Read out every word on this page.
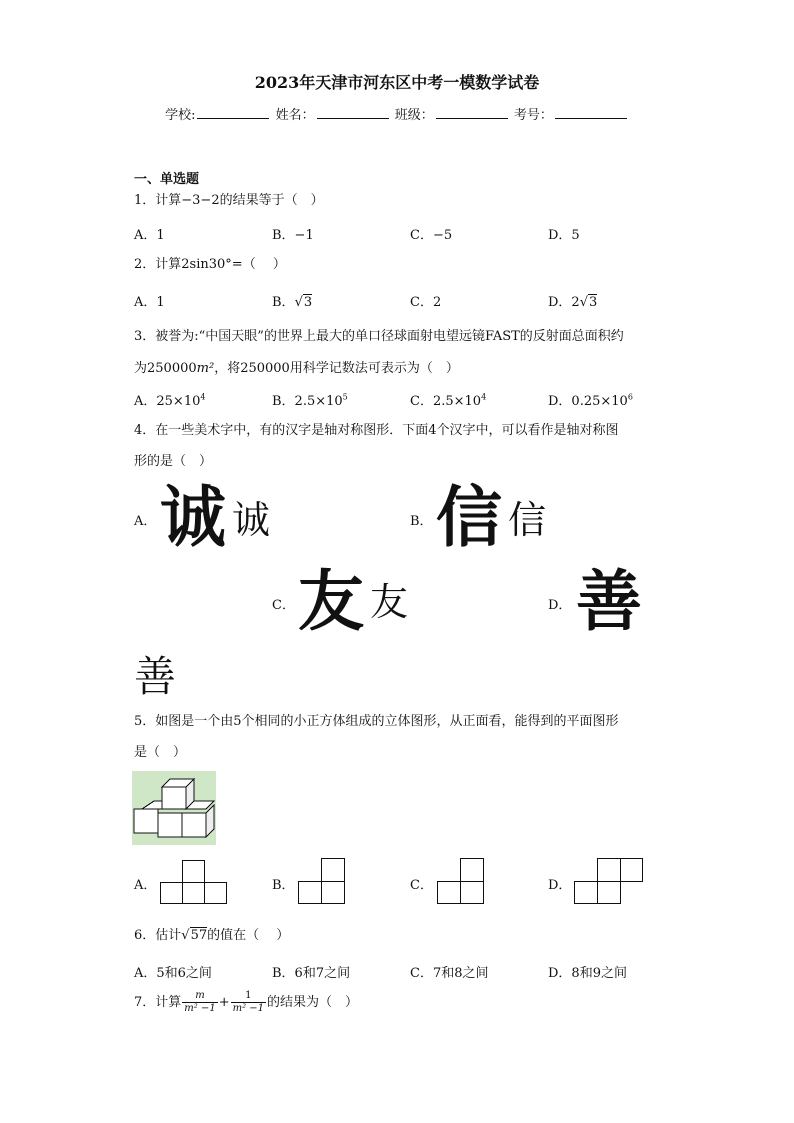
2023年天津市河东区中考一模数学试卷
学校:	姓名：	班级：	考号：
一、单选题
1．计算−3−2的结果等于（　）
A．1	B．−1	C．−5	D．5
2．计算2sin30°=（　 ）
A．1	B．√3	C．2	D．2√3
3．被誉为:“中国天眼”的世界上最大的单口径球面射电望远镜FAST的反射面总面积约
为250000m²，将250000用科学记数法可表示为（　）
A．$25\times 10^4$	B．$2.5\times 10^5$	C．$2.5\times 10^4$	D．$0.25\times 10^6$
4．在一些美术字中，有的汉字是轴对称图形．下面4个汉字中，可以看作是轴对称图
形的是（　）
A． 诚 诚	B． 信 信
C． 友 友	D． 善
善
5．如图是一个由5个相同的小正方体组成的立体图形，从正面看，能得到的平面图形
是（　）
A．	B．	C．	D．
6．估计√57的值在（　 ）
A．5和6之间	B．6和7之间	C．7和8之间	D．8和9之间
7．计算 $\frac{m}{\text{m² −1}} + \frac{1}{\text{m² −1}}$ 的结果为（　）
